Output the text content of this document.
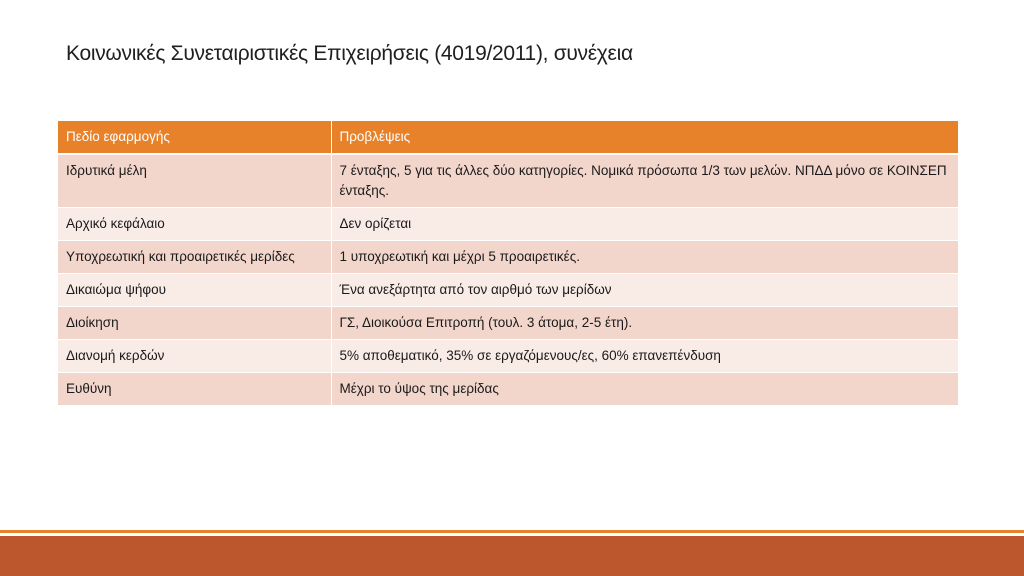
Κοινωνικές Συνεταιριστικές Επιχειρήσεις (4019/2011), συνέχεια
Πεδίο εφαρμογής	Προβλέψεις
Ιδρυτικά μέλη	7 ένταξης, 5 για τις άλλες δύο κατηγορίες. Νομικά πρόσωπα 1/3 των μελών. ΝΠΔΔ μόνο σε ΚΟΙΝΣΕΠ ένταξης.
Αρχικό κεφάλαιο	Δεν ορίζεται
Υποχρεωτική και προαιρετικές μερίδες	1 υποχρεωτική και μέχρι 5 προαιρετικές.
Δικαιώμα ψήφου	Ένα ανεξάρτητα από τον αιρθμό των μερίδων
Διοίκηση	ΓΣ, Διοικούσα Επιτροπή (τουλ. 3 άτομα, 2-5 έτη).
Διανομή κερδών	5% αποθεματικό, 35% σε εργαζόμενους/ες, 60% επανεπένδυση
Ευθύνη	Μέχρι το ύψος της μερίδας
